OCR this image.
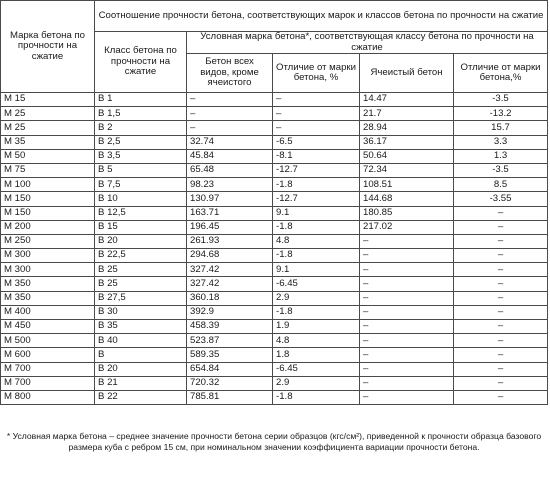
Марка бетона по прочности на сжатие	Соотношение прочности бетона, соответствующих марок и классов бетона по прочности на сжатие				
	Класс бетона по прочности на сжатие	Условная марка бетона*, соответствующая классу бетона по прочности на сжатие			
		Бетон всех видов, кроме ячеистого	Отличие от марки бетона, %	Ячеистый бетон	Отличие от марки бетона,%
М 15	В 1	–	–	14.47	-3.5
М 25	В 1,5	–	–	21.7	-13.2
М 25	В 2	–	–	28.94	15.7
М 35	В 2,5	32.74	-6.5	36.17	3.3
М 50	В 3,5	45.84	-8.1	50.64	1.3
М 75	В 5	65.48	-12.7	72.34	-3.5
М 100	В 7,5	98.23	-1.8	108.51	8.5
М 150	В 10	130.97	-12.7	144.68	-3.55
М 150	В 12,5	163.71	9.1	180.85	–
М 200	В 15	196.45	-1.8	217.02	–
М 250	В 20	261.93	4.8	–	–
М 300	В 22,5	294.68	-1.8	–	–
М 300	В 25	327.42	9.1	–	–
М 350	В 25	327.42	-6.45	–	–
М 350	В 27,5	360.18	2.9	–	–
М 400	В 30	392.9	-1.8	–	–
М 450	В 35	458.39	1.9	–	–
М 500	В 40	523.87	4.8	–	–
М 600	В	589.35	1.8	–	–
М 700	В 20	654.84	-6.45	–	–
М 700	В 21	720.32	2.9	–	–
М 800	В 22	785.81	-1.8	–	–
* Условная марка бетона – среднее значение прочности бетона серии образцов (кгс/см²), приведенной к прочности образца базового размера куба с ребром 15 см, при номинальном значении коэффициента вариации прочности бетона.
